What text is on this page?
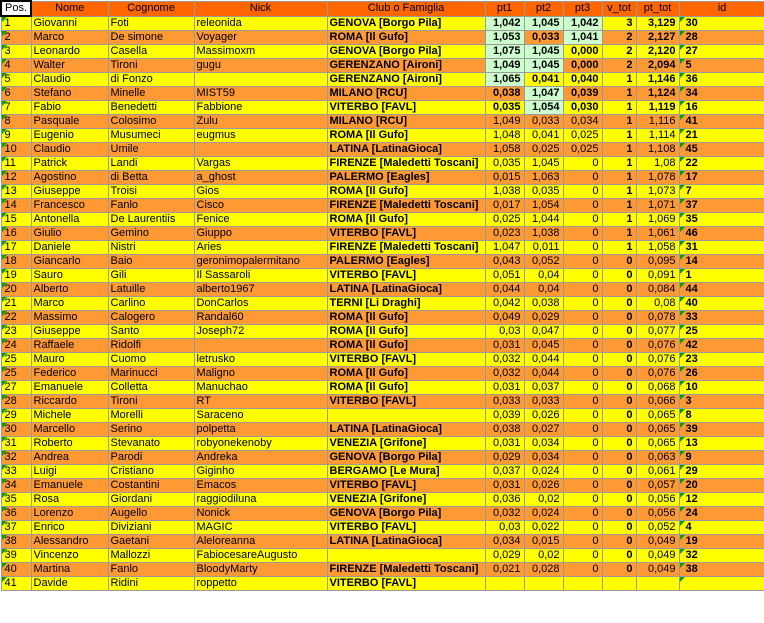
Pos.	Nome	Cognome	Nick	Club o Famiglia	pt1	pt2	pt3	v_tot	pt_tot	id
1	Giovanni	Foti	releonida	GENOVA [Borgo Pila]	1,042	1,045	1,042	3	3,129	30
2	Marco	De simone	Voyager	ROMA [Il Gufo]	1,053	0,033	1,041	2	2,127	28
3	Leonardo	Casella	Massimoxm	GENOVA [Borgo Pila]	1,075	1,045	0,000	2	2,120	27
4	Walter	Tironi	gugu	GERENZANO [Aironi]	1,049	1,045	0,000	2	2,094	5
5	Claudio	di Fonzo		GERENZANO [Aironi]	1,065	0,041	0,040	1	1,146	36
6	Stefano	Minelle	MIST59	MILANO [RCU]	0,038	1,047	0,039	1	1,124	34
7	Fabio	Benedetti	Fabbione	VITERBO [FAVL]	0,035	1,054	0,030	1	1,119	16
8	Pasquale	Colosimo	Zulu	MILANO [RCU]	1,049	0,033	0,034	1	1,116	41
9	Eugenio	Musumeci	eugmus	ROMA [Il Gufo]	1,048	0,041	0,025	1	1,114	21
10	Claudio	Umile		LATINA [LatinaGioca]	1,058	0,025	0,025	1	1,108	45
11	Patrick	Landi	Vargas	FIRENZE [Maledetti Toscani]	0,035	1,045	0	1	1,08	22
12	Agostino	di Betta	a_ghost	PALERMO [Eagles]	0,015	1,063	0	1	1,078	17
13	Giuseppe	Troisi	Gios	ROMA [Il Gufo]	1,038	0,035	0	1	1,073	7
14	Francesco	Fanlo	Cisco	FIRENZE [Maledetti Toscani]	0,017	1,054	0	1	1,071	37
15	Antonella	De Laurentiis	Fenice	ROMA [Il Gufo]	0,025	1,044	0	1	1,069	35
16	Giulio	Gemino	Giuppo	VITERBO [FAVL]	0,023	1,038	0	1	1,061	46
17	Daniele	Nistri	Aries	FIRENZE [Maledetti Toscani]	1,047	0,011	0	1	1,058	31
18	Giancarlo	Baio	geronimopalermitano	PALERMO [Eagles]	0,043	0,052	0	0	0,095	14
19	Sauro	Gili	Il Sassaroli	VITERBO [FAVL]	0,051	0,04	0	0	0,091	1
20	Alberto	Latuille	alberto1967	LATINA [LatinaGioca]	0,044	0,04	0	0	0,084	44
21	Marco	Carlino	DonCarlos	TERNI [Li Draghi]	0,042	0,038	0	0	0,08	40
22	Massimo	Calogero	Randal60	ROMA [Il Gufo]	0,049	0,029	0	0	0,078	33
23	Giuseppe	Santo	Joseph72	ROMA [Il Gufo]	0,03	0,047	0	0	0,077	25
24	Raffaele	Ridolfi		ROMA [Il Gufo]	0,031	0,045	0	0	0,076	42
25	Mauro	Cuomo	letrusko	VITERBO [FAVL]	0,032	0,044	0	0	0,076	23
25	Federico	Marinucci	Maligno	ROMA [Il Gufo]	0,032	0,044	0	0	0,076	26
27	Emanuele	Colletta	Manuchao	ROMA [Il Gufo]	0,031	0,037	0	0	0,068	10
28	Riccardo	Tironi	RT	VITERBO [FAVL]	0,033	0,033	0	0	0,066	3
29	Michele	Morelli	Saraceno		0,039	0,026	0	0	0,065	8
30	Marcello	Serino	polpetta	LATINA [LatinaGioca]	0,038	0,027	0	0	0,065	39
31	Roberto	Stevanato	robyonekenoby	VENEZIA [Grifone]	0,031	0,034	0	0	0,065	13
32	Andrea	Parodi	Andreka	GENOVA [Borgo Pila]	0,029	0,034	0	0	0,063	9
33	Luigi	Cristiano	Giginho	BERGAMO [Le Mura]	0,037	0,024	0	0	0,061	29
34	Emanuele	Costantini	Emacos	VITERBO [FAVL]	0,031	0,026	0	0	0,057	20
35	Rosa	Giordani	raggiodiluna	VENEZIA [Grifone]	0,036	0,02	0	0	0,056	12
36	Lorenzo	Augello	Nonick	GENOVA [Borgo Pila]	0,032	0,024	0	0	0,056	24
37	Enrico	Diviziani	MAGIC	VITERBO [FAVL]	0,03	0,022	0	0	0,052	4
38	Alessandro	Gaetani	Aleloreanna	LATINA [LatinaGioca]	0,034	0,015	0	0	0,049	19
39	Vincenzo	Mallozzi	FabiocesareAugusto		0,029	0,02	0	0	0,049	32
40	Martina	Fanlo	BloodyMarty	FIRENZE [Maledetti Toscani]	0,021	0,028	0	0	0,049	38
41	Davide	Ridini	roppetto	VITERBO [FAVL]						
